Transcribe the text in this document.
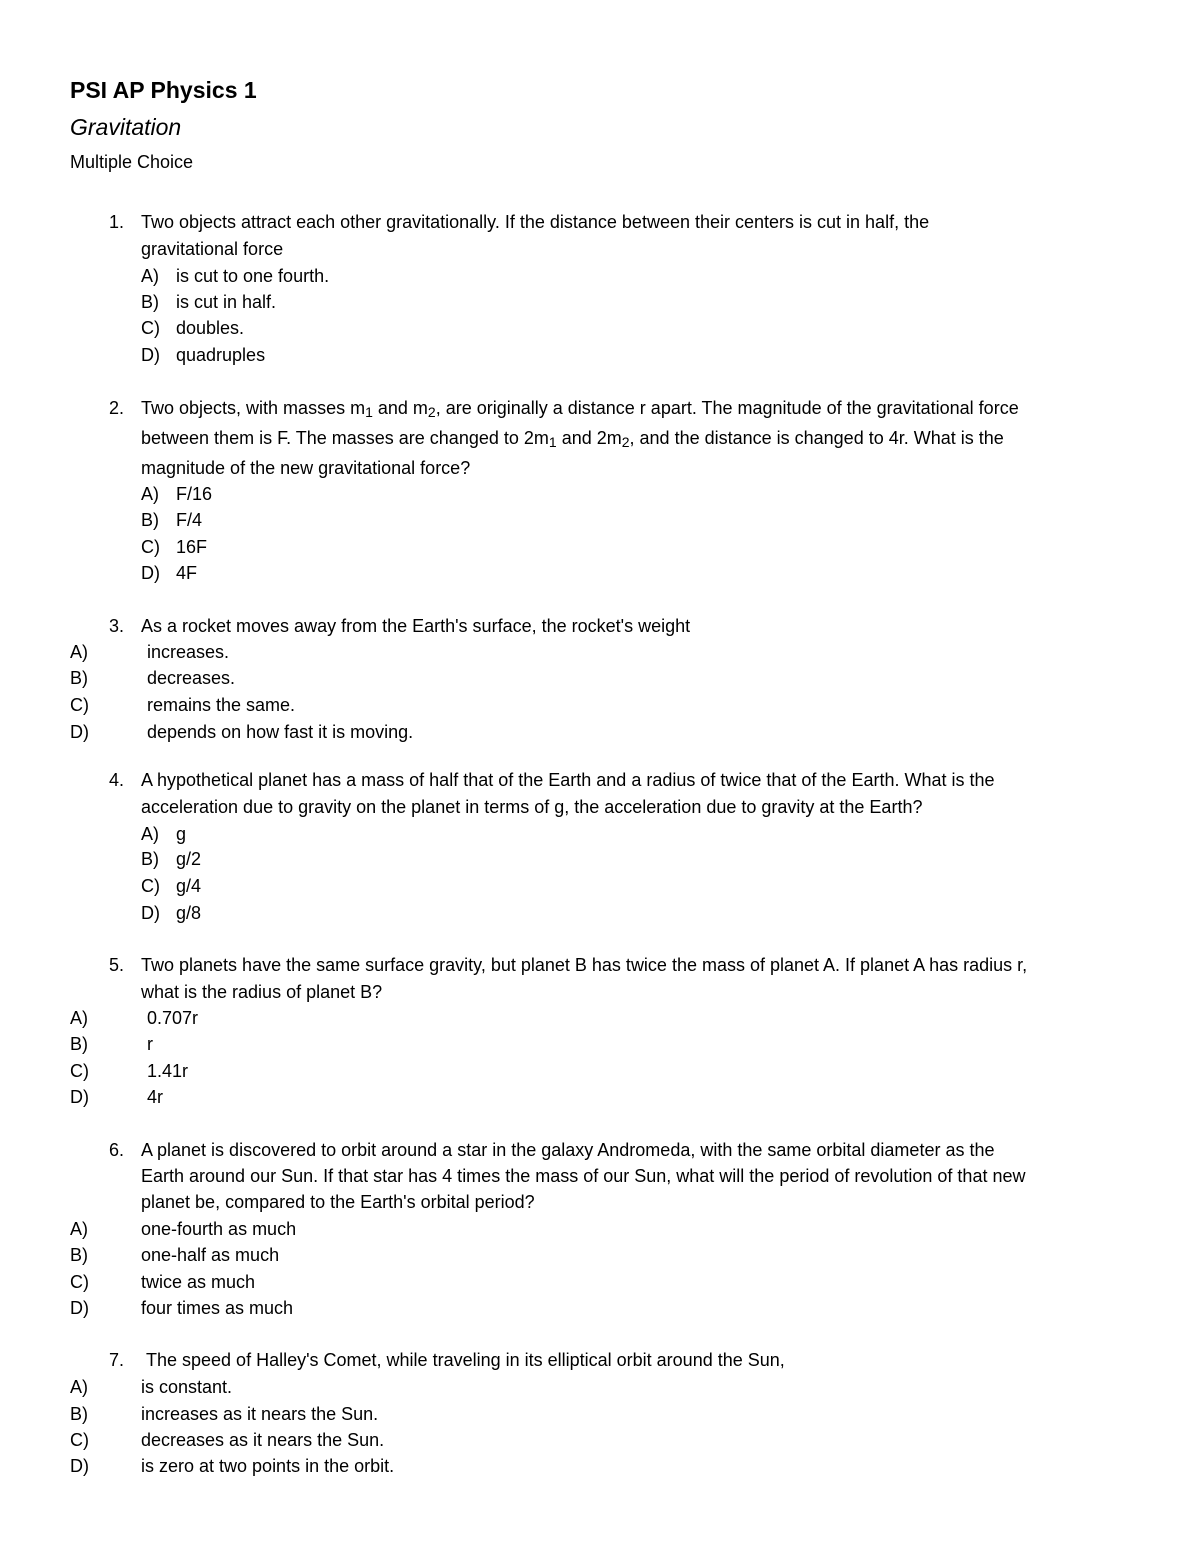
PSI AP Physics 1
Gravitation
Multiple Choice
1. Two objects attract each other gravitationally. If the distance between their centers is cut in half, the
gravitational force
A) is cut to one fourth.
B) is cut in half.
C) doubles.
D) quadruples
2. Two objects, with masses $m_1$ and $m_2$, are originally a distance r apart. The magnitude of the gravitational force
between them is F. The masses are changed to $2m_1$ and $2m_2$, and the distance is changed to 4r. What is the
magnitude of the new gravitational force?
A) F/16
B) F/4
C) 16F
D) 4F
3. As a rocket moves away from the Earth's surface, the rocket's weight
A)	increases.
B)	decreases.
C)	remains the same.
D)	depends on how fast it is moving.
4. A hypothetical planet has a mass of half that of the Earth and a radius of twice that of the Earth. What is the
acceleration due to gravity on the planet in terms of g, the acceleration due to gravity at the Earth?
A) g
B) g/2
C) g/4
D) g/8
5. Two planets have the same surface gravity, but planet B has twice the mass of planet A. If planet A has radius r,
what is the radius of planet B?
A)	0.707r
B)	r
C)	1.41r
D)	4r
6. A planet is discovered to orbit around a star in the galaxy Andromeda, with the same orbital diameter as the
Earth around our Sun. If that star has 4 times the mass of our Sun, what will the period of revolution of that new
planet be, compared to the Earth's orbital period?
A)	one-fourth as much
B)	one-half as much
C)	twice as much
D)	four times as much
7. The speed of Halley's Comet, while traveling in its elliptical orbit around the Sun,
A)	is constant.
B)	increases as it nears the Sun.
C)	decreases as it nears the Sun.
D)	is zero at two points in the orbit.
